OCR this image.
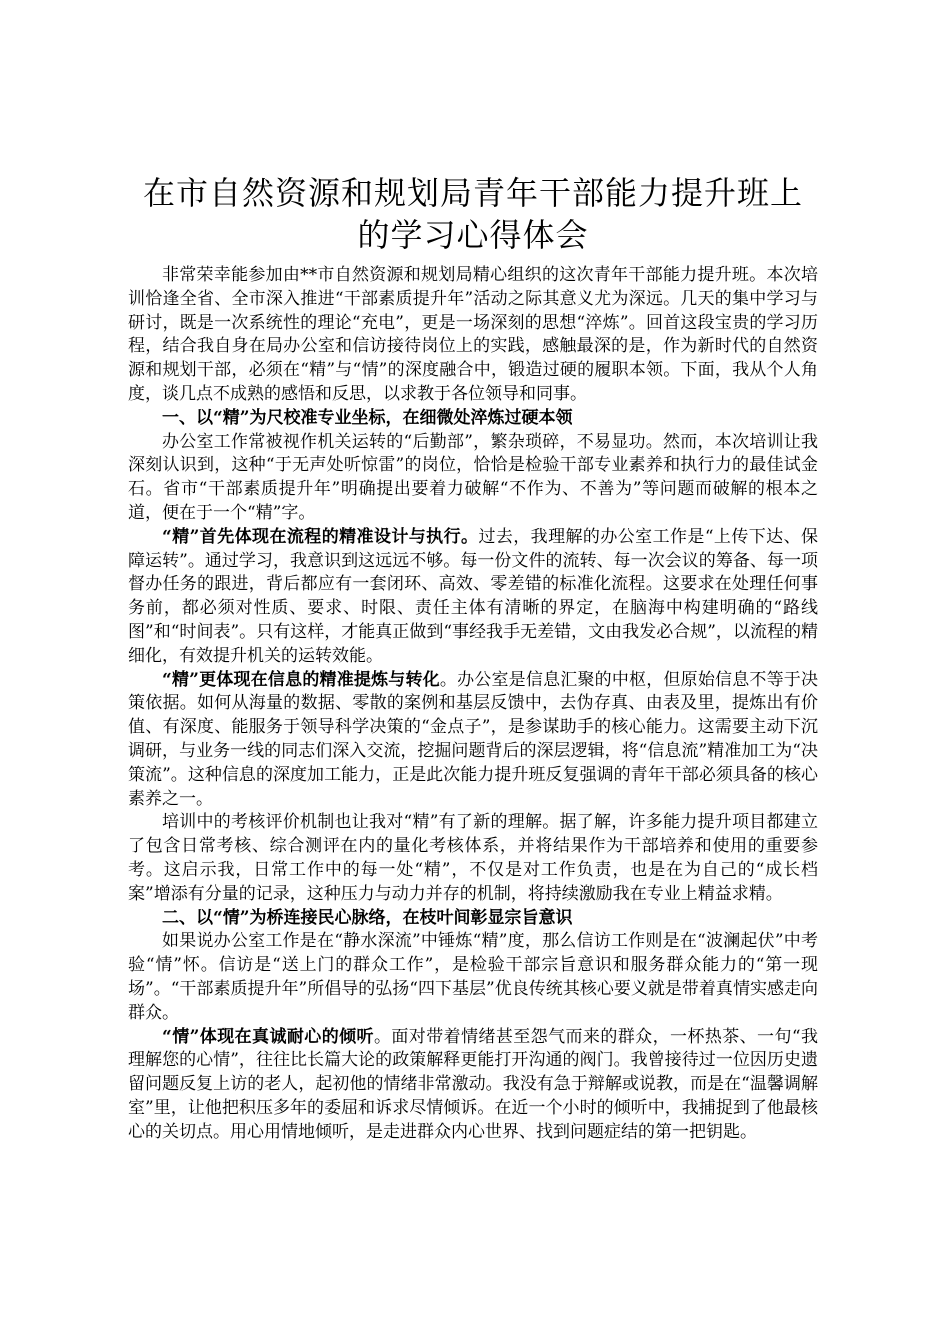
在市自然资源和规划局青年干部能力提升班上的学习心得体会

非常荣幸能参加由**市自然资源和规划局精心组织的这次青年干部能力提升班。本次培训恰逢全省、全市深入推进“干部素质提升年”活动之际其意义尤为深远。几天的集中学习与研讨，既是一次系统性的理论“充电”，更是一场深刻的思想“淬炼”。回首这段宝贵的学习历程，结合我自身在局办公室和信访接待岗位上的实践，感触最深的是，作为新时代的自然资源和规划干部，必须在“精”与“情”的深度融合中，锻造过硬的履职本领。下面，我从个人角度，谈几点不成熟的感悟和反思，以求教于各位领导和同事。

一、以“精”为尺校准专业坐标，在细微处淬炼过硬本领

办公室工作常被视作机关运转的“后勤部”，繁杂琐碎，不易显功。然而，本次培训让我深刻认识到，这种“于无声处听惊雷”的岗位，恰恰是检验干部专业素养和执行力的最佳试金石。省市“干部素质提升年”明确提出要着力破解“不作为、不善为”等问题而破解的根本之道，便在于一个“精”字。

“精”首先体现在流程的精准设计与执行。过去，我理解的办公室工作是“上传下达、保障运转”。通过学习，我意识到这远远不够。每一份文件的流转、每一次会议的筹备、每一项督办任务的跟进，背后都应有一套闭环、高效、零差错的标准化流程。这要求在处理任何事务前，都必须对性质、要求、时限、责任主体有清晰的界定，在脑海中构建明确的“路线图”和“时间表”。只有这样，才能真正做到“事经我手无差错，文由我发必合规”，以流程的精细化，有效提升机关的运转效能。

“精”更体现在信息的精准提炼与转化。办公室是信息汇聚的中枢，但原始信息不等于决策依据。如何从海量的数据、零散的案例和基层反馈中，去伪存真、由表及里，提炼出有价值、有深度、能服务于领导科学决策的“金点子”，是参谋助手的核心能力。这需要主动下沉调研，与业务一线的同志们深入交流，挖掘问题背后的深层逻辑，将“信息流”精准加工为“决策流”。这种信息的深度加工能力，正是此次能力提升班反复强调的青年干部必须具备的核心素养之一。

培训中的考核评价机制也让我对“精”有了新的理解。据了解，许多能力提升项目都建立了包含日常考核、综合测评在内的量化考核体系，并将结果作为干部培养和使用的重要参考。这启示我，日常工作中的每一处“精”，不仅是对工作负责，也是在为自己的“成长档案”增添有分量的记录，这种压力与动力并存的机制，将持续激励我在专业上精益求精。

二、以“情”为桥连接民心脉络，在枝叶间彰显宗旨意识

如果说办公室工作是在“静水深流”中锤炼“精”度，那么信访工作则是在“波澜起伏”中考验“情”怀。信访是“送上门的群众工作”，是检验干部宗旨意识和服务群众能力的“第一现场”。“干部素质提升年”所倡导的弘扬“四下基层”优良传统其核心要义就是带着真情实感走向群众。

“情”体现在真诚耐心的倾听。面对带着情绪甚至怨气而来的群众，一杯热茶、一句“我理解您的心情”，往往比长篇大论的政策解释更能打开沟通的阀门。我曾接待过一位因历史遗留问题反复上访的老人，起初他的情绪非常激动。我没有急于辩解或说教，而是在“温馨调解室”里，让他把积压多年的委屈和诉求尽情倾诉。在近一个小时的倾听中，我捕捉到了他最核心的关切点。用心用情地倾听，是走进群众内心世界、找到问题症结的第一把钥匙。
